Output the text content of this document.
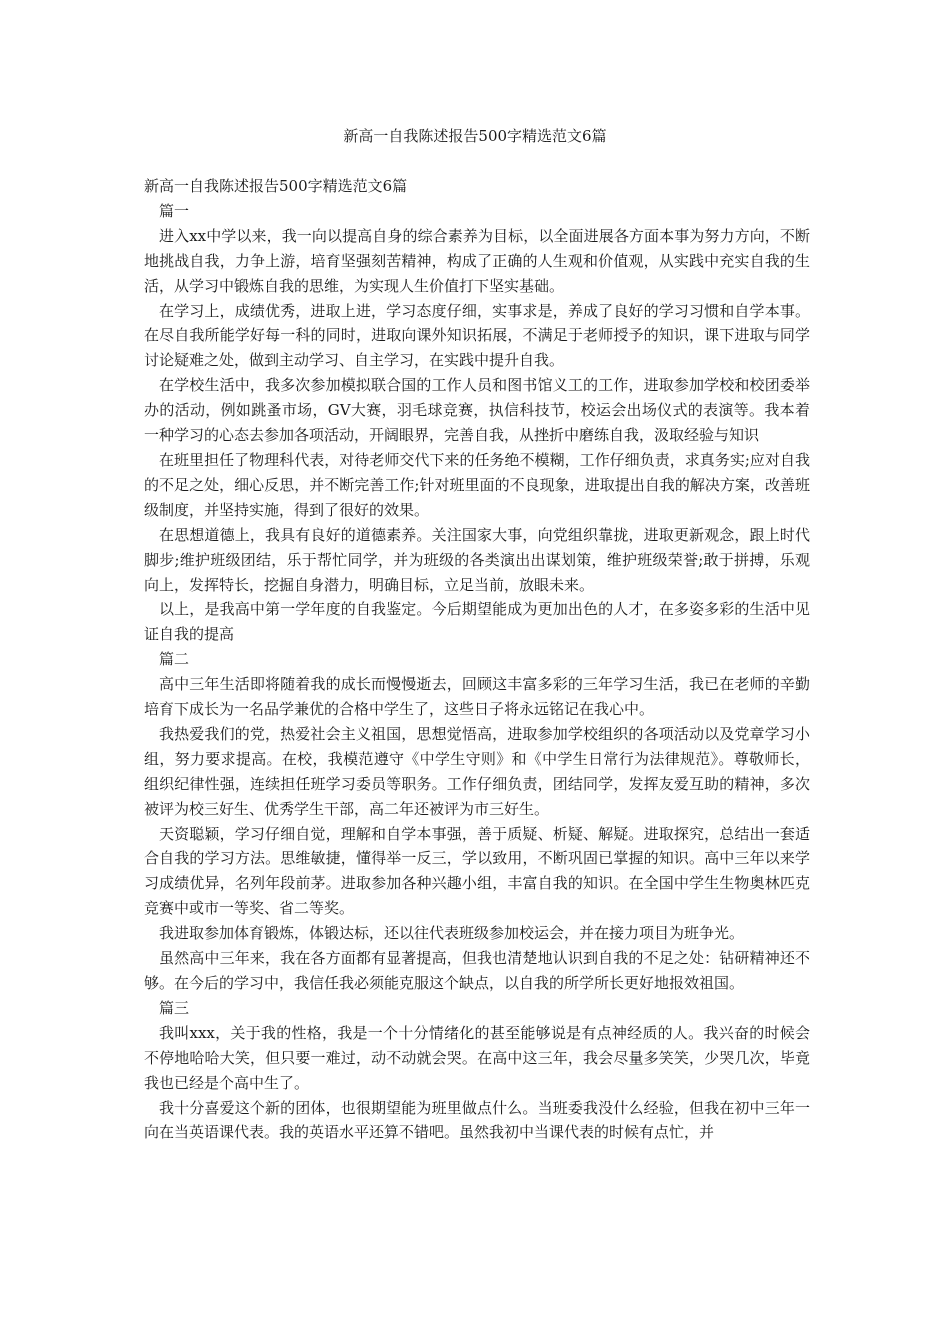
新高一自我陈述报告500字精选范文6篇

新高一自我陈述报告500字精选范文6篇

篇一

进入xx中学以来，我一向以提高自身的综合素养为目标，以全面进展各方面本事为努力方向，不断地挑战自我，力争上游，培育坚强刻苦精神，构成了正确的人生观和价值观，从实践中充实自我的生活，从学习中锻炼自我的思维，为实现人生价值打下坚实基础。

在学习上，成绩优秀，进取上进，学习态度仔细，实事求是，养成了良好的学习习惯和自学本事。在尽自我所能学好每一科的同时，进取向课外知识拓展，不满足于老师授予的知识，课下进取与同学讨论疑难之处，做到主动学习、自主学习，在实践中提升自我。

在学校生活中，我多次参加模拟联合国的工作人员和图书馆义工的工作，进取参加学校和校团委举办的活动，例如跳蚤市场，GV大赛，羽毛球竞赛，执信科技节，校运会出场仪式的表演等。我本着一种学习的心态去参加各项活动，开阔眼界，完善自我，从挫折中磨练自我，汲取经验与知识

在班里担任了物理科代表，对待老师交代下来的任务绝不模糊，工作仔细负责，求真务实;应对自我的不足之处，细心反思，并不断完善工作;针对班里面的不良现象，进取提出自我的解决方案，改善班级制度，并坚持实施，得到了很好的效果。

在思想道德上，我具有良好的道德素养。关注国家大事，向党组织靠拢，进取更新观念，跟上时代脚步;维护班级团结，乐于帮忙同学，并为班级的各类演出出谋划策，维护班级荣誉;敢于拼搏，乐观向上，发挥特长，挖掘自身潜力，明确目标，立足当前，放眼未来。

以上，是我高中第一学年度的自我鉴定。今后期望能成为更加出色的人才，在多姿多彩的生活中见证自我的提高

篇二

高中三年生活即将随着我的成长而慢慢逝去，回顾这丰富多彩的三年学习生活，我已在老师的辛勤培育下成长为一名品学兼优的合格中学生了，这些日子将永远铭记在我心中。

我热爱我们的党，热爱社会主义祖国，思想觉悟高，进取参加学校组织的各项活动以及党章学习小组，努力要求提高。在校，我模范遵守《中学生守则》和《中学生日常行为法律规范》。尊敬师长，组织纪律性强，连续担任班学习委员等职务。工作仔细负责，团结同学，发挥友爱互助的精神，多次被评为校三好生、优秀学生干部，高二年还被评为市三好生。

天资聪颖，学习仔细自觉，理解和自学本事强，善于质疑、析疑、解疑。进取探究，总结出一套适合自我的学习方法。思维敏捷，懂得举一反三，学以致用，不断巩固已掌握的知识。高中三年以来学习成绩优异，名列年段前茅。进取参加各种兴趣小组，丰富自我的知识。在全国中学生生物奥林匹克竞赛中或市一等奖、省二等奖。

我进取参加体育锻炼，体锻达标，还以往代表班级参加校运会，并在接力项目为班争光。

虽然高中三年来，我在各方面都有显著提高，但我也清楚地认识到自我的不足之处：钻研精神还不够。在今后的学习中，我信任我必须能克服这个缺点，以自我的所学所长更好地报效祖国。

篇三

我叫xxx，关于我的性格，我是一个十分情绪化的甚至能够说是有点神经质的人。我兴奋的时候会不停地哈哈大笑，但只要一难过，动不动就会哭。在高中这三年，我会尽量多笑笑，少哭几次，毕竟我也已经是个高中生了。

我十分喜爱这个新的团体，也很期望能为班里做点什么。当班委我没什么经验，但我在初中三年一向在当英语课代表。我的英语水平还算不错吧。虽然我初中当课代表的时候有点忙，并
